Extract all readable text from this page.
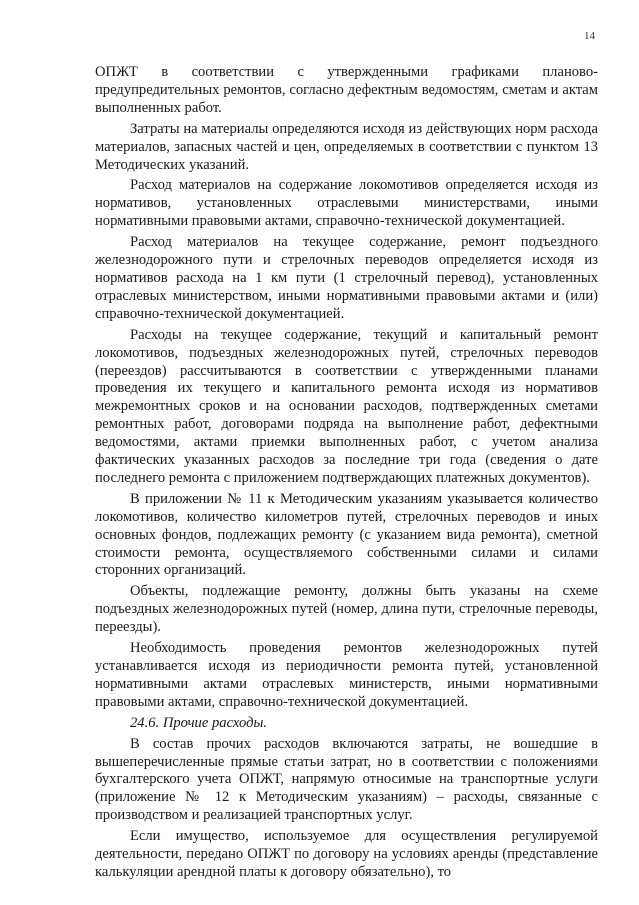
14

ОПЖТ в соответствии с утвержденными графиками планово-предупредительных ремонтов, согласно дефектным ведомостям, сметам и актам выполненных работ.

Затраты на материалы определяются исходя из действующих норм расхода материалов, запасных частей и цен, определяемых в соответствии с пунктом 13 Методических указаний.

Расход материалов на содержание локомотивов определяется исходя из нормативов, установленных отраслевыми министерствами, иными нормативными правовыми актами, справочно-технической документацией.

Расход материалов на текущее содержание, ремонт подъездного железнодорожного пути и стрелочных переводов определяется исходя из нормативов расхода на 1 км пути (1 стрелочный перевод), установленных отраслевых министерством, иными нормативными правовыми актами и (или) справочно-технической документацией.

Расходы на текущее содержание, текущий и капитальный ремонт локомотивов, подъездных железнодорожных путей, стрелочных переводов (переездов) рассчитываются в соответствии с утвержденными планами проведения их текущего и капитального ремонта исходя из нормативов межремонтных сроков и на основании расходов, подтвержденных сметами ремонтных работ, договорами подряда на выполнение работ, дефектными ведомостями, актами приемки выполненных работ, с учетом анализа фактических указанных расходов за последние три года (сведения о дате последнего ремонта с приложением подтверждающих платежных документов).

В приложении № 11 к Методическим указаниям указывается количество локомотивов, количество километров путей, стрелочных переводов и иных основных фондов, подлежащих ремонту (с указанием вида ремонта), сметной стоимости ремонта, осуществляемого собственными силами и силами сторонних организаций.

Объекты, подлежащие ремонту, должны быть указаны на схеме подъездных железнодорожных путей (номер, длина пути, стрелочные переводы, переезды).

Необходимость проведения ремонтов железнодорожных путей устанавливается исходя из периодичности ремонта путей, установленной нормативными актами отраслевых министерств, иными нормативными правовыми актами, справочно-технической документацией.

24.6. Прочие расходы.

В состав прочих расходов включаются затраты, не вошедшие в вышеперечисленные прямые статьи затрат, но в соответствии с положениями бухгалтерского учета ОПЖТ, напрямую относимые на транспортные услуги (приложение № 12 к Методическим указаниям) – расходы, связанные с производством и реализацией транспортных услуг.

Если имущество, используемое для осуществления регулируемой деятельности, передано ОПЖТ по договору на условиях аренды (представление калькуляции арендной платы к договору обязательно), то
